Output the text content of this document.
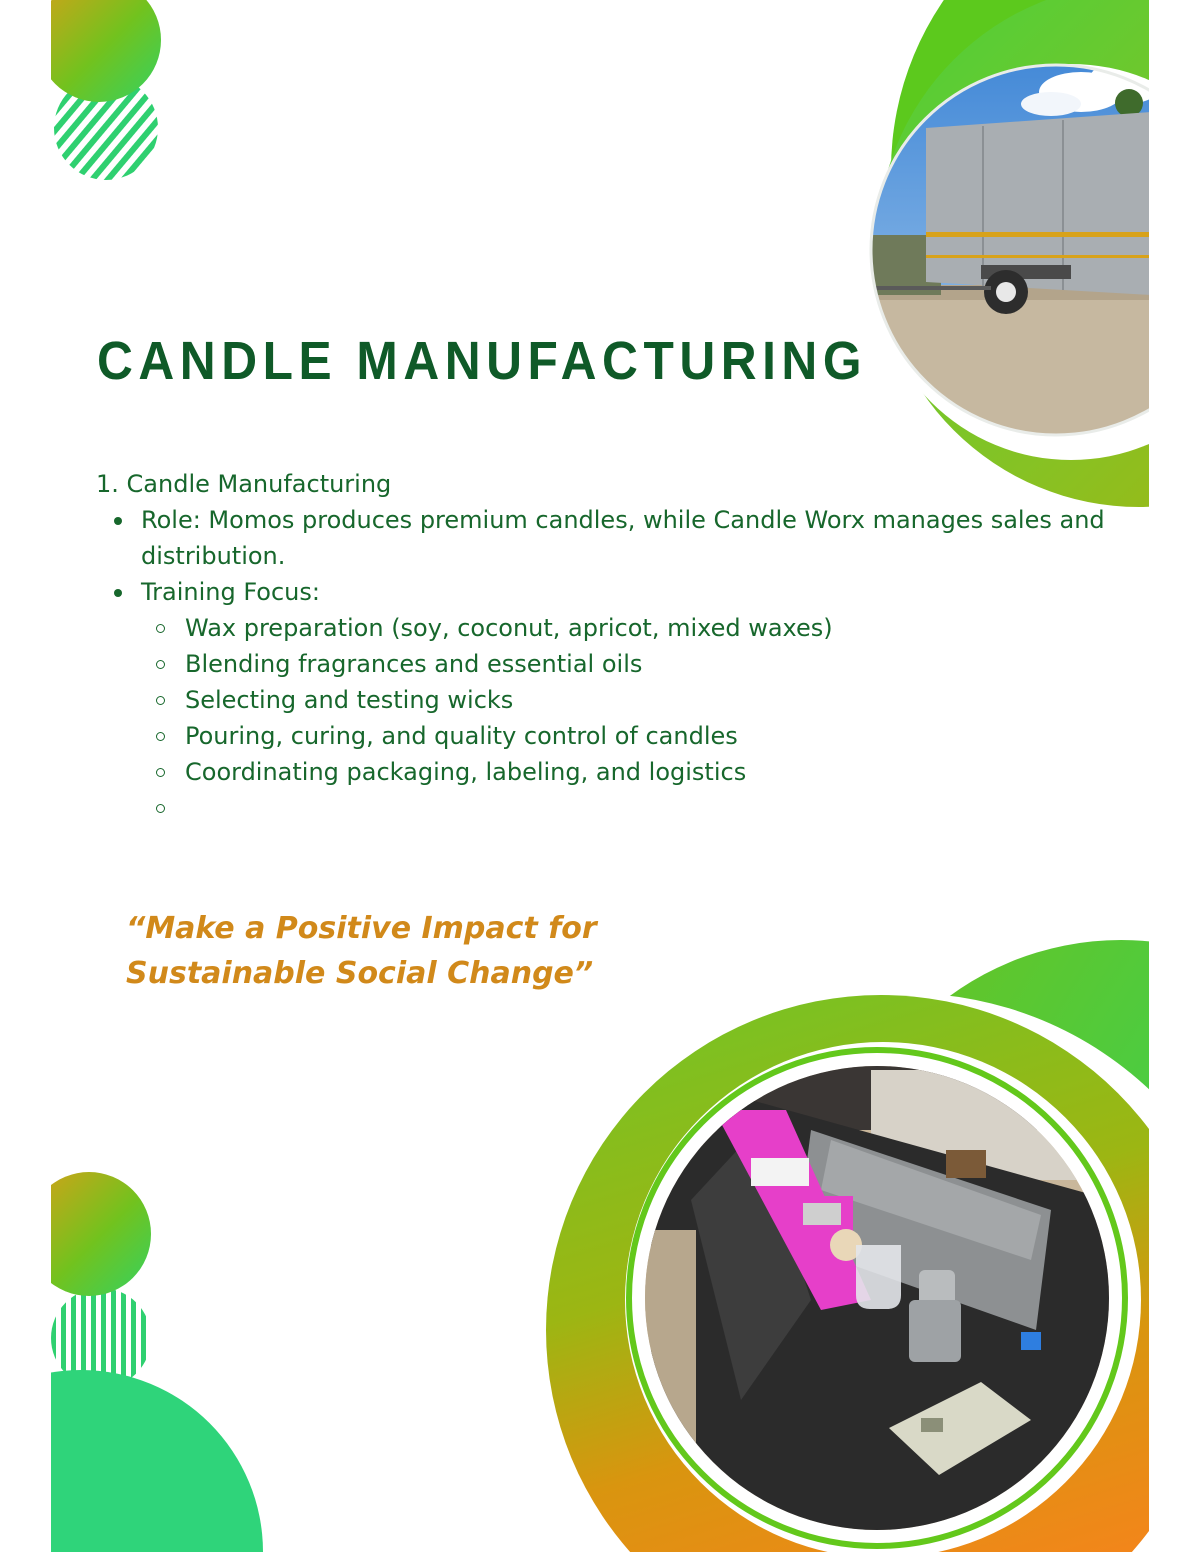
CANDLE MANUFACTURING

1. Candle Manufacturing

Role: Momos produces premium candles, while Candle Worx manages sales and distribution.
Training Focus:
Wax preparation (soy, coconut, apricot, mixed waxes)
Blending fragrances and essential oils
Selecting and testing wicks
Pouring, curing, and quality control of candles
Coordinating packaging, labeling, and logistics

“Make a Positive Impact for
Sustainable Social Change”
